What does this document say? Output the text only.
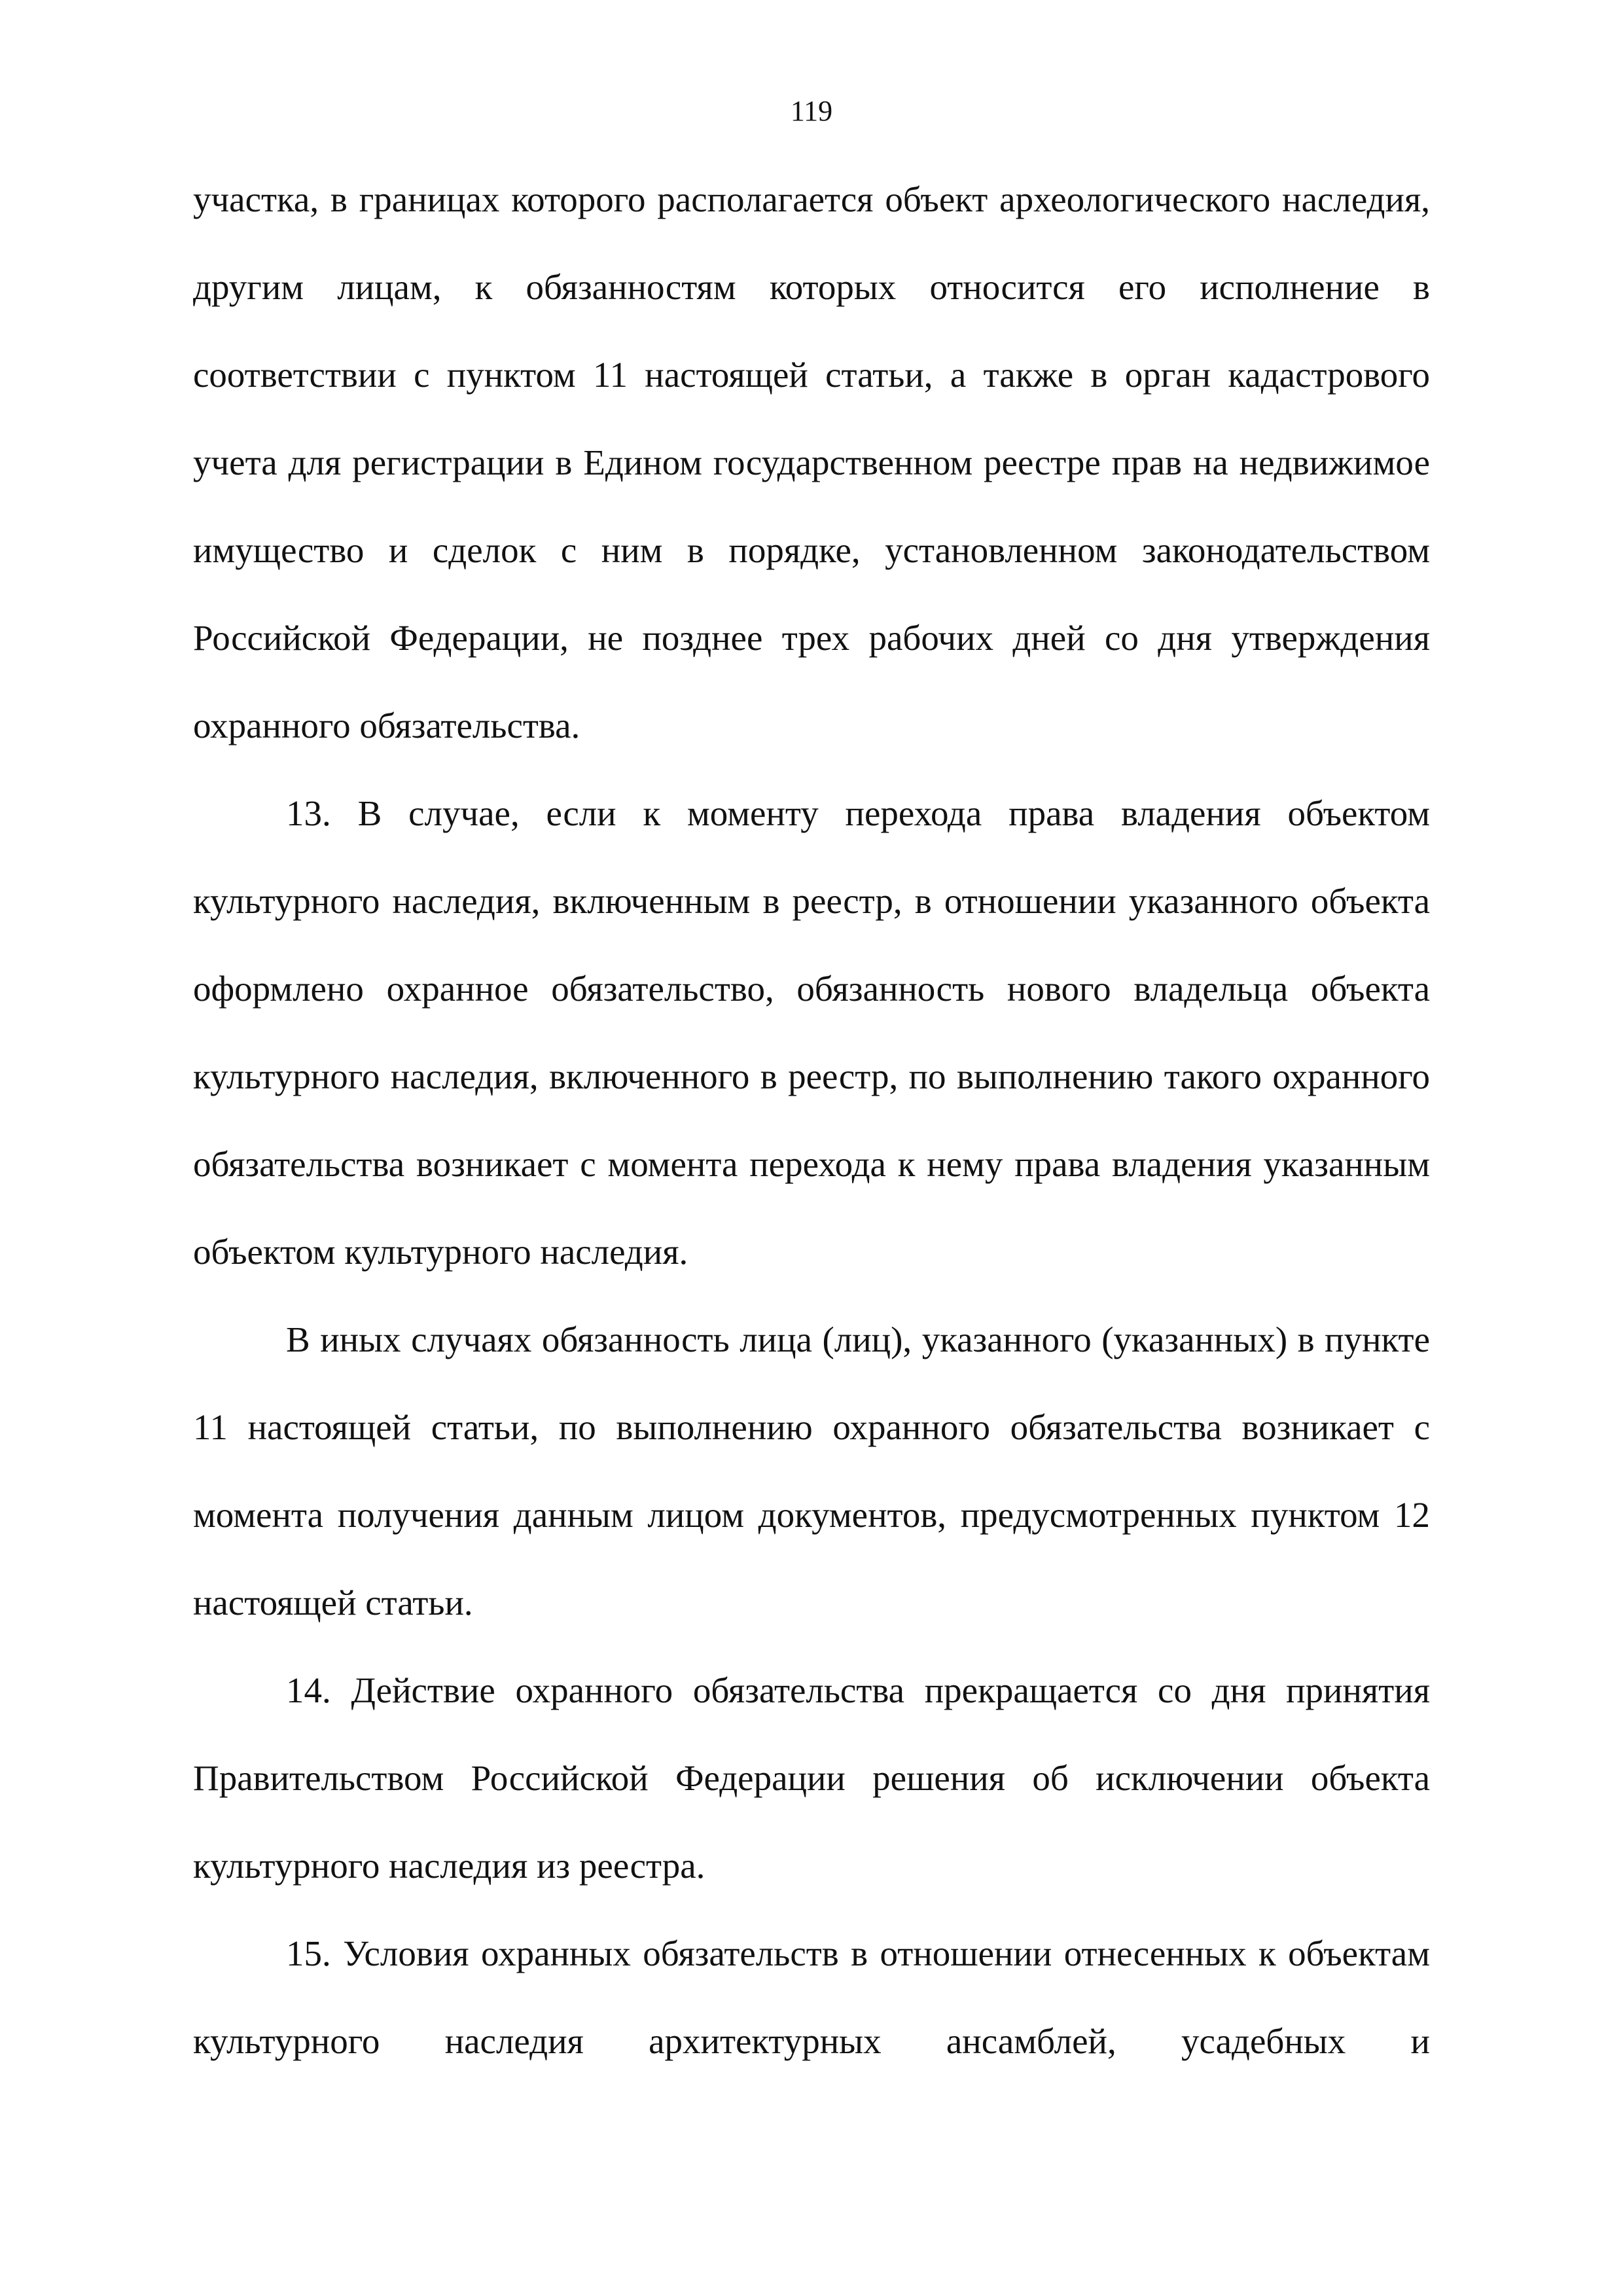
119

участка, в границах которого располагается объект археологического наследия, другим лицам, к обязанностям которых относится его исполнение в соответствии с пунктом 11 настоящей статьи, а также в орган кадастрового учета для регистрации в Едином государственном реестре прав на недвижимое имущество и сделок с ним в порядке, установленном законодательством Российской Федерации, не позднее трех рабочих дней со дня утверждения охранного обязательства.

13. В случае, если к моменту перехода права владения объектом культурного наследия, включенным в реестр, в отношении указанного объекта оформлено охранное обязательство, обязанность нового владельца объекта культурного наследия, включенного в реестр, по выполнению такого охранного обязательства возникает с момента перехода к нему права владения указанным объектом культурного наследия.

В иных случаях обязанность лица (лиц), указанного (указанных) в пункте 11 настоящей статьи, по выполнению охранного обязательства возникает с момента получения данным лицом документов, предусмотренных пунктом 12 настоящей статьи.

14. Действие охранного обязательства прекращается со дня принятия Правительством Российской Федерации решения об исключении объекта культурного наследия из реестра.

15. Условия охранных обязательств в отношении отнесенных к объектам культурного наследия архитектурных ансамблей, усадебных и
